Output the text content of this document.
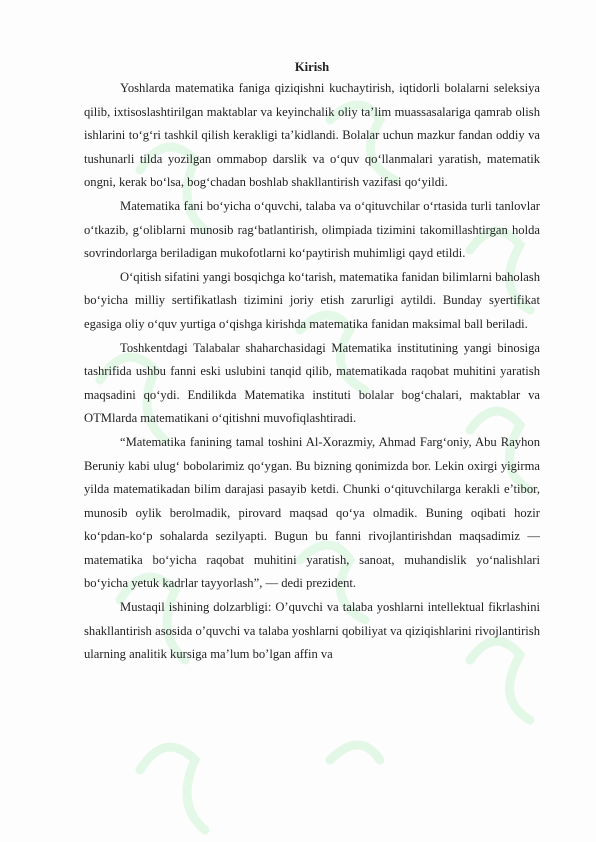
Kirish

Yoshlarda matematika faniga qiziqishni kuchaytirish, iqtidorli bolalarni seleksiya qilib, ixtisoslashtirilgan maktablar va keyinchalik oliy ta’lim muassasalariga qamrab olish ishlarini to‘g‘ri tashkil qilish kerakligi ta’kidlandi. Bolalar uchun mazkur fandan oddiy va tushunarli tilda yozilgan ommabop darslik va o‘quv qo‘llanmalari yaratish, matematik ongni, kerak bo‘lsa, bog‘chadan boshlab shakllantirish vazifasi qo‘yildi.

Matematika fani bo‘yicha o‘quvchi, talaba va o‘qituvchilar o‘rtasida turli tanlovlar o‘tkazib, g‘oliblarni munosib rag‘batlantirish, olimpiada tizimini takomillashtirgan holda sovrindorlarga beriladigan mukofotlarni ko‘paytirish muhimligi qayd etildi.

O‘qitish sifatini yangi bosqichga ko‘tarish, matematika fanidan bilimlarni baholash bo‘yicha milliy sertifikatlash tizimini joriy etish zarurligi aytildi. Bunday syertifikat egasiga oliy o‘quv yurtiga o‘qishga kirishda matematika fanidan maksimal ball beriladi.

Toshkentdagi Talabalar shaharchasidagi Matematika institutining yangi binosiga tashrifida ushbu fanni eski uslubini tanqid qilib, matematikada raqobat muhitini yaratish maqsadini qo‘ydi. Endilikda Matematika instituti bolalar bog‘chalari, maktablar va OTMlarda matematikani o‘qitishni muvofiqlashtiradi.

“Matematika fanining tamal toshini Al-Xorazmiy, Ahmad Farg‘oniy, Abu Rayhon Beruniy kabi ulug‘ bobolarimiz qo‘ygan. Bu bizning qonimizda bor. Lekin oxirgi yigirma yilda matematikadan bilim darajasi pasayib ketdi. Chunki o‘qituvchilarga kerakli e’tibor, munosib oylik berolmadik, pirovard maqsad qo‘ya olmadik. Buning oqibati hozir ko‘pdan-ko‘p sohalarda sezilyapti. Bugun bu fanni rivojlantirishdan maqsadimiz — matematika bo‘yicha raqobat muhitini yaratish, sanoat, muhandislik yo‘nalishlari bo‘yicha yetuk kadrlar tayyorlash”, — dedi prezident.

Mustaqil ishining dolzarbligi: O’quvchi va talaba yoshlarni intellektual fikrlashini shakllantirish asosida o’quvchi va talaba yoshlarni qobiliyat va qiziqishlarini rivojlantirish ularning analitik kursiga ma’lum bo’lgan affin va
